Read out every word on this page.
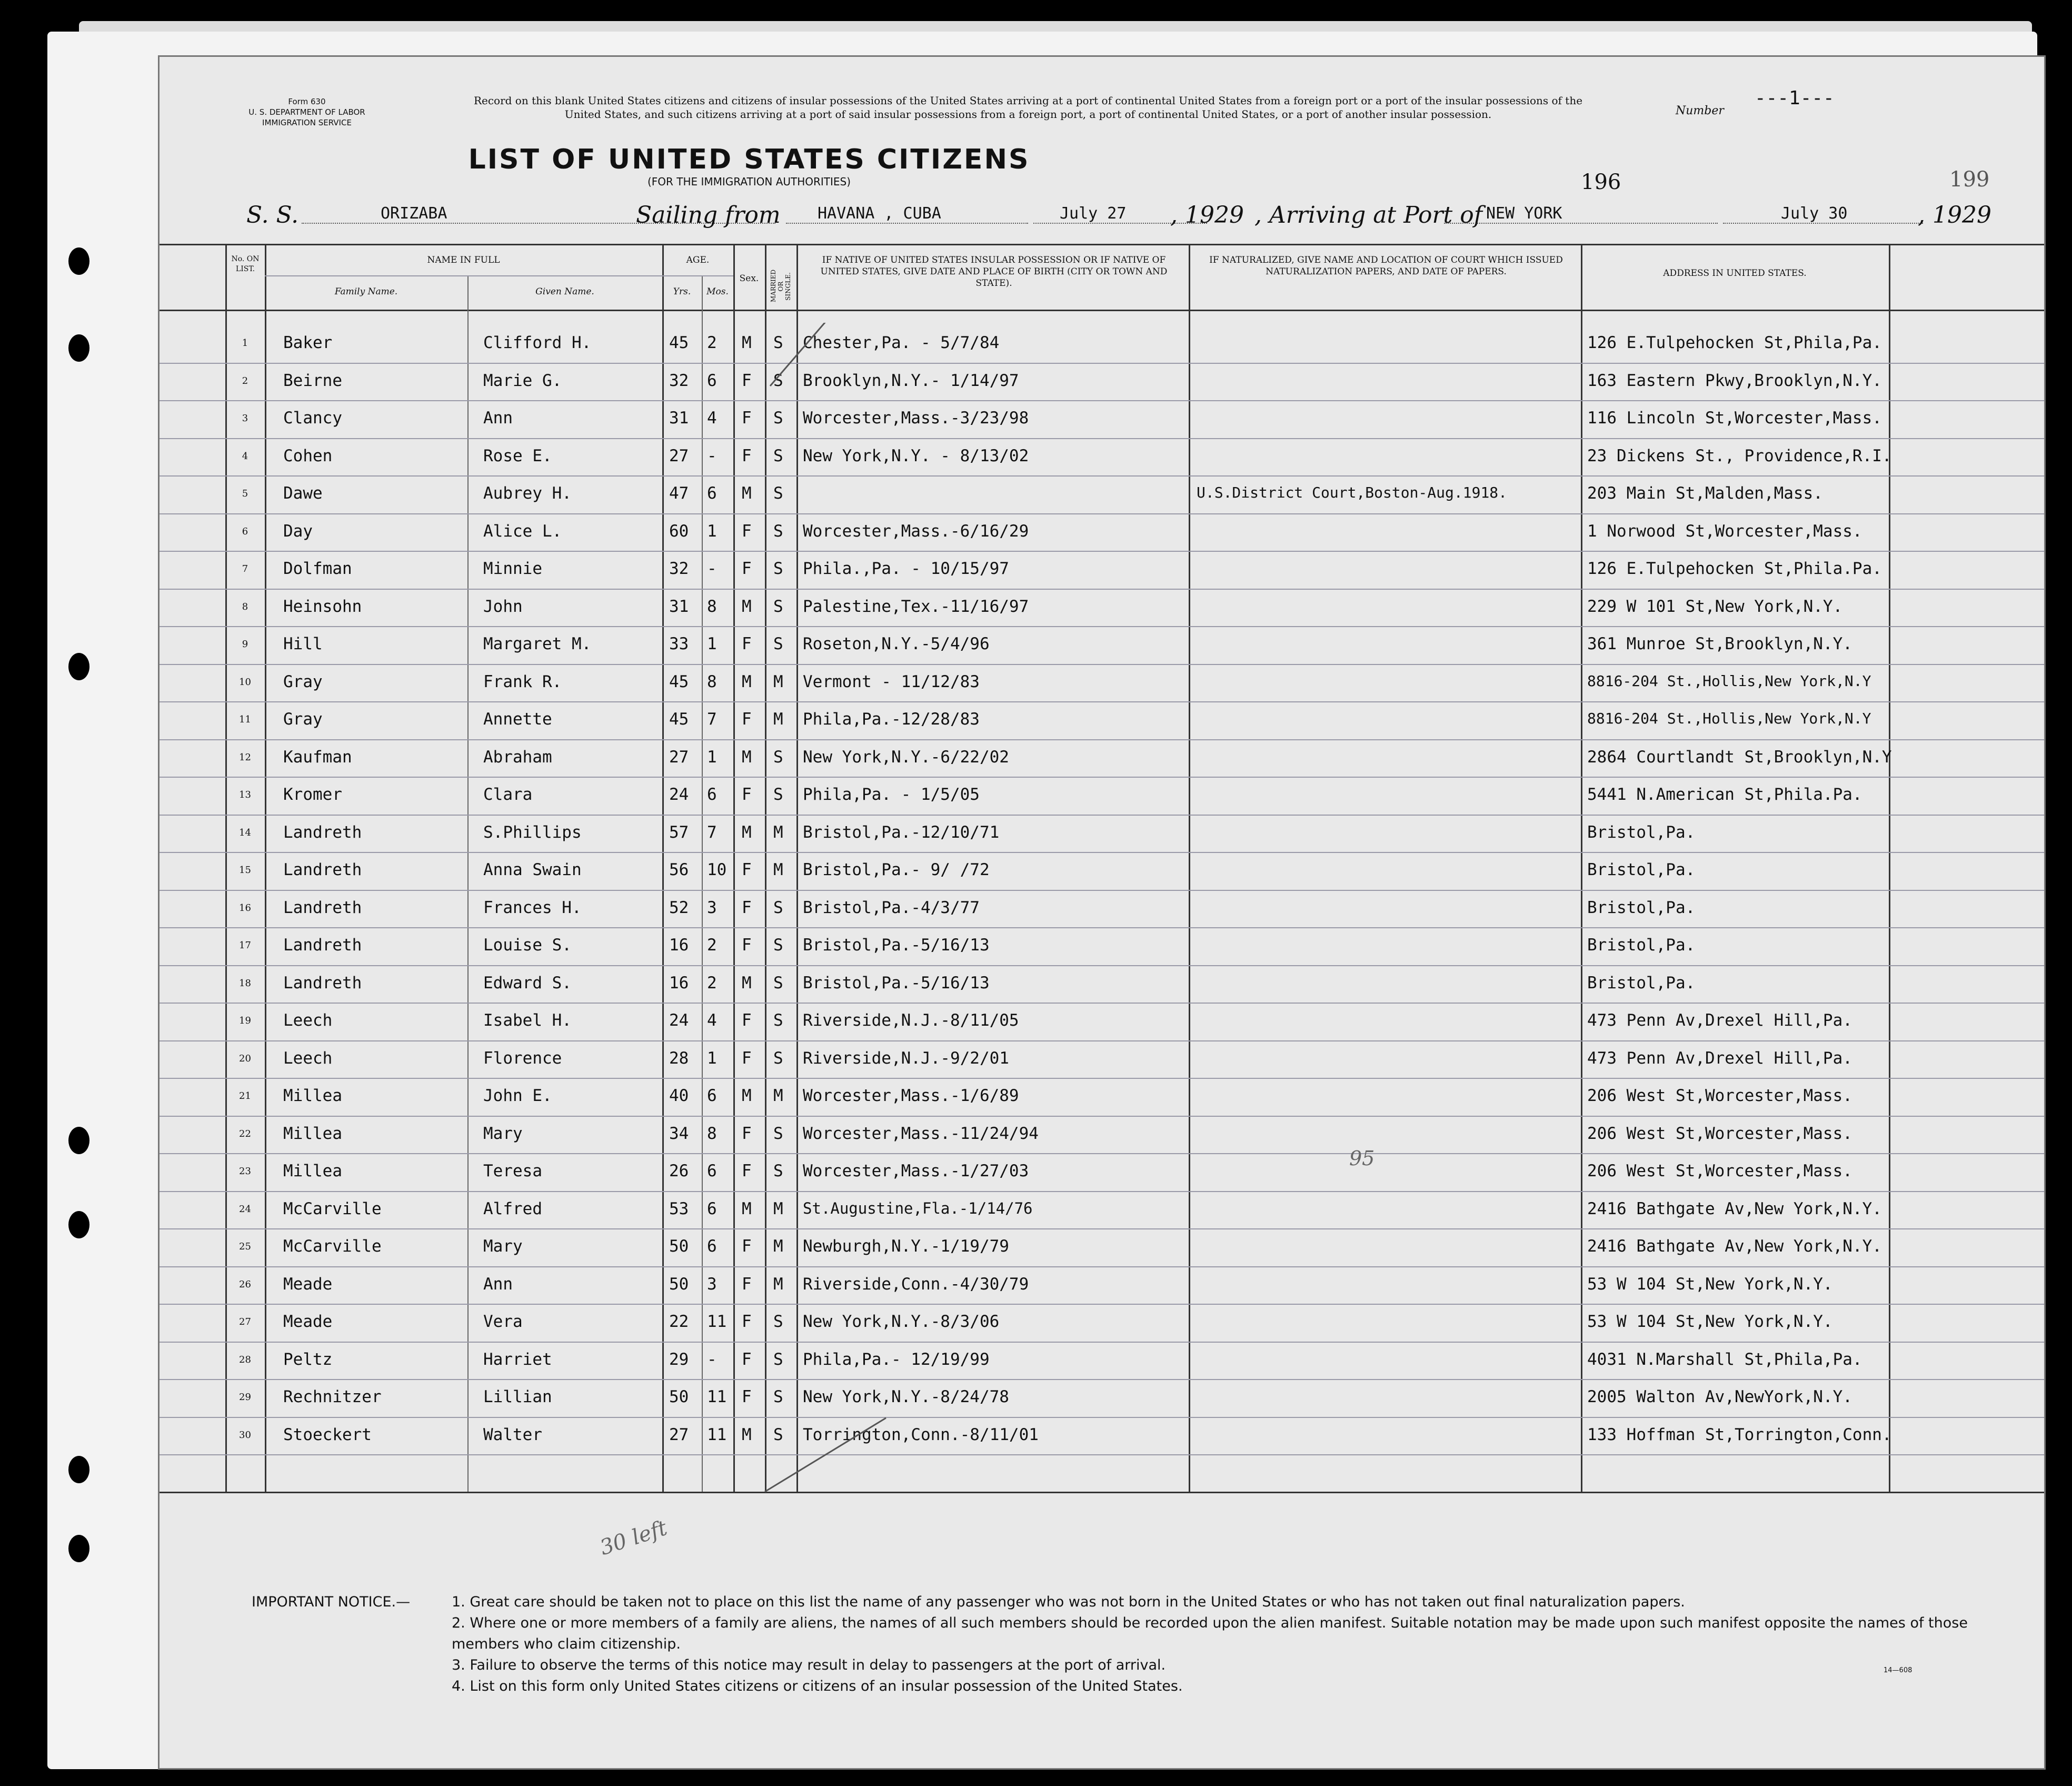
Form 630
U. S. DEPARTMENT OF LABOR
IMMIGRATION SERVICE
Record on this blank United States citizens and citizens of insular possessions of the United States arriving at a port of continental United States from a foreign port or a port of the insular possessions of the United States, and such citizens arriving at a port of said insular possessions from a foreign port, a port of continental United States, or a port of another insular possession.	Number
---1---
LIST OF UNITED STATES CITIZENS
(FOR THE IMMIGRATION AUTHORITIES)	196	199
S. S.	ORIZABA	Sailing from	HAVANA , CUBA	July 27	, 1929 , Arriving at Port of NEW YORK	July 30	, 1929
No. ON LIST.
NAME IN FULL
Family Name.	Given Name.
AGE.
Yrs.	Mos.
Sex.	MARRIED OR SINGLE.
IF NATIVE OF UNITED STATES INSULAR POSSESSION OR IF NATIVE OF UNITED STATES, GIVE DATE AND PLACE OF BIRTH (CITY OR TOWN AND STATE).
IF NATURALIZED, GIVE NAME AND LOCATION OF COURT WHICH ISSUED NATURALIZATION PAPERS, AND DATE OF PAPERS.	ADDRESS IN UNITED STATES.
1	Baker	Clifford H.	45 2 M S Chester,Pa. - 5/7/84	126 E.Tulpehocken St,Phila,Pa.
2	Beirne	Marie G.	32 6 F S Brooklyn,N.Y.- 1/14/97	163 Eastern Pkwy,Brooklyn,N.Y.
3	Clancy	Ann	31 4 F S Worcester,Mass.-3/23/98	116 Lincoln St,Worcester,Mass.
4	Cohen	Rose E.	27 - F S New York,N.Y. - 8/13/02	23 Dickens St., Providence,R.I.
5	Dawe	Aubrey H.	47 6 M S	U.S.District Court,Boston-Aug.1918.	203 Main St,Malden,Mass.
6	Day	Alice L.	60 1 F S Worcester,Mass.-6/16/29	1 Norwood St,Worcester,Mass.
7	Dolfman	Minnie	32 - F S Phila.,Pa. - 10/15/97	126 E.Tulpehocken St,Phila.Pa.
8	Heinsohn	John	31 8 M S Palestine,Tex.-11/16/97	229 W 101 St,New York,N.Y.
9	Hill	Margaret M.	33 1 F S Roseton,N.Y.-5/4/96	361 Munroe St,Brooklyn,N.Y.
10	Gray	Frank R.	45 8 M M Vermont - 11/12/83	8816-204 St.,Hollis,New York,N.Y
11	Gray	Annette	45 7 F M Phila,Pa.-12/28/83	8816-204 St.,Hollis,New York,N.Y
12	Kaufman	Abraham	27 1 M S New York,N.Y.-6/22/02	2864 Courtlandt St,Brooklyn,N.Y
13	Kromer	Clara	24 6 F S Phila,Pa. - 1/5/05	5441 N.American St,Phila.Pa.
14	Landreth	S.Phillips	57 7 M M Bristol,Pa.-12/10/71	Bristol,Pa.
15	Landreth	Anna Swain	56 10 F M Bristol,Pa.- 9/ /72	Bristol,Pa.
16	Landreth	Frances H.	52 3 F S Bristol,Pa.-4/3/77	Bristol,Pa.
17	Landreth	Louise S.	16 2 F S Bristol,Pa.-5/16/13	Bristol,Pa.
18	Landreth	Edward S.	16 2 M S Bristol,Pa.-5/16/13	Bristol,Pa.
19	Leech	Isabel H.	24 4 F S Riverside,N.J.-8/11/05	473 Penn Av,Drexel Hill,Pa.
20	Leech	Florence	28 1 F S Riverside,N.J.-9/2/01	473 Penn Av,Drexel Hill,Pa.
21	Millea	John E.	40 6 M M Worcester,Mass.-1/6/89	206 West St,Worcester,Mass.
22	Millea	Mary	34 8 F S Worcester,Mass.-11/24/94	206 West St,Worcester,Mass.
23	Millea	Teresa	26 6 F S Worcester,Mass.-1/27/03	206 West St,Worcester,Mass.
24	McCarville	Alfred	53 6 M M St.Augustine,Fla.-1/14/76	2416 Bathgate Av,New York,N.Y.
25	McCarville	Mary	50 6 F M Newburgh,N.Y.-1/19/79	2416 Bathgate Av,New York,N.Y.
26	Meade	Ann	50 3 F M Riverside,Conn.-4/30/79	53 W 104 St,New York,N.Y.
27	Meade	Vera	22 11 F S New York,N.Y.-8/3/06	53 W 104 St,New York,N.Y.
28	Peltz	Harriet	29 - F S Phila,Pa.- 12/19/99	4031 N.Marshall St,Phila,Pa.
29	Rechnitzer	Lillian	50 11 F S New York,N.Y.-8/24/78	2005 Walton Av,NewYork,N.Y.
30	Stoeckert	Walter	27 11 M S Torrington,Conn.-8/11/01	133 Hoffman St,Torrington,Conn.
30 left
95
IMPORTANT NOTICE.—	1. Great care should be taken not to place on this list the name of any passenger who was not born in the United States or who has not taken out final naturalization papers.
2. Where one or more members of a family are aliens, the names of all such members should be recorded upon the alien manifest. Suitable notation may be made upon such manifest opposite the names of those members who claim citizenship.
3. Failure to observe the terms of this notice may result in delay to passengers at the port of arrival.
4. List on this form only United States citizens or citizens of an insular possession of the United States.
14—608
